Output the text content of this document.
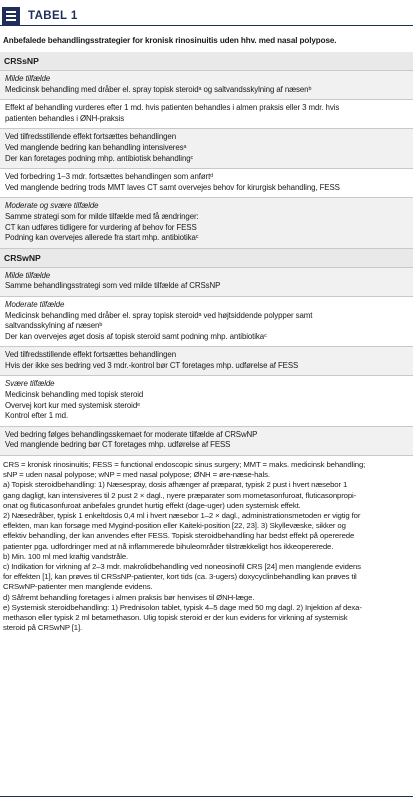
TABEL 1
Anbefalede behandlingsstrategier for kronisk rinosinuitis uden hhv. med nasal polypose.
CRSsNP
Milde tilfælde
Medicinsk behandling med dråber el. spray topisk steroidᵃ og saltvandsskylning af næsenᵇ
Effekt af behandling vurderes efter 1 md. hvis patienten behandles i almen praksis eller 3 mdr. hvis
patienten behandles i ØNH-praksis
Ved tilfredsstillende effekt fortsættes behandlingen
Ved manglende bedring kan behandling intensiveresᵃ
Der kan foretages podning mhp. antibiotisk behandlingᶜ
Ved forbedring 1–3 mdr. fortsættes behandlingen som anførtᵈ
Ved manglende bedring trods MMT laves CT samt overvejes behov for kirurgisk behandling, FESS
Moderate og svære tilfælde
Samme strategi som for milde tilfælde med få ændringer:
CT kan udføres tidligere for vurdering af behov for FESS
Podning kan overvejes allerede fra start mhp. antibiotikaᶜ
CRSwNP
Milde tilfælde
Samme behandlingsstrategi som ved milde tilfælde af CRSsNP
Moderate tilfælde
Medicinsk behandling med dråber el. spray topisk steroidᵃ ved højtsiddende polypper samt
saltvandsskylning af næsenᵇ
Der kan overvejes øget dosis af topisk steroid samt podning mhp. antibiotikaᶜ
Ved tilfredsstillende effekt fortsættes behandlingen
Hvis der ikke ses bedring ved 3 mdr.-kontrol bør CT foretages mhp. udførelse af FESS
Svære tilfælde
Medicinsk behandling med topisk steroid
Overvej kort kur med systemisk steroidᵉ
Kontrol efter 1 md.
Ved bedring følges behandlingsskemaet for moderate tilfælde af CRSwNP
Ved manglende bedring bør CT foretages mhp. udførelse af FESS
CRS = kronisk rinosinuitis; FESS = functional endoscopic sinus surgery; MMT = maks. medicinsk behandling;
sNP = uden nasal polypose; wNP = med nasal polypose; ØNH = øre-næse-hals.
a) Topisk steroidbehandling: 1) Næsespray, dosis afhænger af præparat, typisk 2 pust i hvert næsebor 1
gang dagligt, kan intensiveres til 2 pust 2 × dagl., nyere præparater som mometasonfuroat, fluticasonpropi-
onat og fluticasonfuroat anbefales grundet hurtig effekt (dage-uger) uden systemisk effekt.
2) Næsedråber, typisk 1 enkeltdosis 0,4 ml i hvert næsebor 1–2 × dagl., administrationsmetoden er vigtig for
effekten, man kan forsøge med Mygind-position eller Kaiteki-position [22, 23]. 3) Skyllevæske, sikker og
effektiv behandling, der kan anvendes efter FESS. Topisk steroidbehandling har bedst effekt på opererede
patienter pga. udfordringer med at nå inflammerede bihuleområder tilstrækkeligt hos ikkeopererede.
b) Min. 100 ml med kraftig vandstråle.
c) Indikation for virkning af 2–3 mdr. makrolidbehandling ved noneosinofil CRS [24] men manglende evidens
for effekten [1], kan prøves til CRSsNP-patienter, kort tids (ca. 3-ugers) doxycyclinbehandling kan prøves til
CRSwNP-patienter men manglende evidens.
d) Såfremt behandling foretages i almen praksis bør henvises til ØNH-læge.
e) Systemisk steroidbehandling: 1) Prednisolon tablet, typisk 4–5 dage med 50 mg dagl. 2) Injektion af dexa-
methason eller typisk 2 ml betamethason. Ulig topisk steroid er der kun evidens for virkning af systemisk
steroid på CRSwNP [1].
